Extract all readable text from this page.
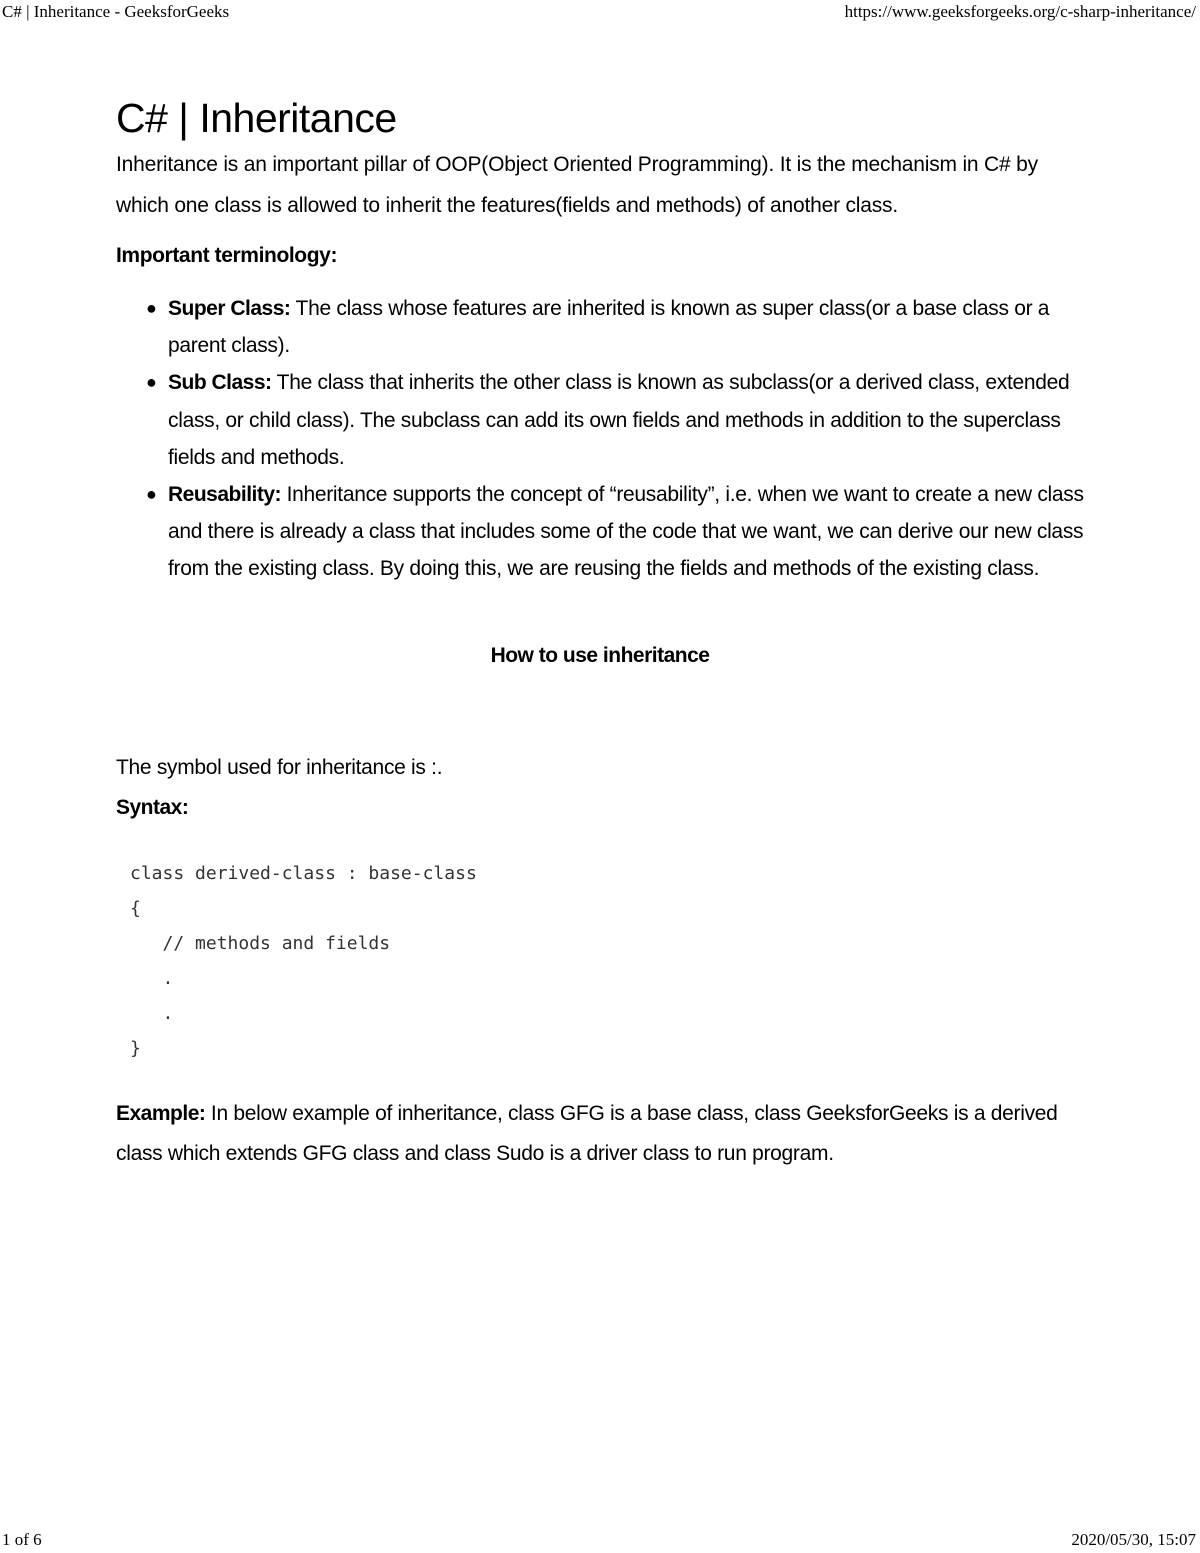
C# | Inheritance - GeeksforGeeks	https://www.geeksforgeeks.org/c-sharp-inheritance/
C# | Inheritance

Inheritance is an important pillar of OOP(Object Oriented Programming). It is the mechanism in C# by which one class is allowed to inherit the features(fields and methods) of another class.

Important terminology:

● Super Class: The class whose features are inherited is known as super class(or a base class or a parent class).
● Sub Class: The class that inherits the other class is known as subclass(or a derived class, extended class, or child class). The subclass can add its own fields and methods in addition to the superclass fields and methods.
● Reusability: Inheritance supports the concept of “reusability”, i.e. when we want to create a new class and there is already a class that includes some of the code that we want, we can derive our new class from the existing class. By doing this, we are reusing the fields and methods of the existing class.

How to use inheritance

The symbol used for inheritance is :.

Syntax:

class derived-class : base-class
{
// methods and fields
.
.
}

Example: In below example of inheritance, class GFG is a base class, class GeeksforGeeks is a derived class which extends GFG class and class Sudo is a driver class to run program.

1 of 6	2020/05/30, 15:07
